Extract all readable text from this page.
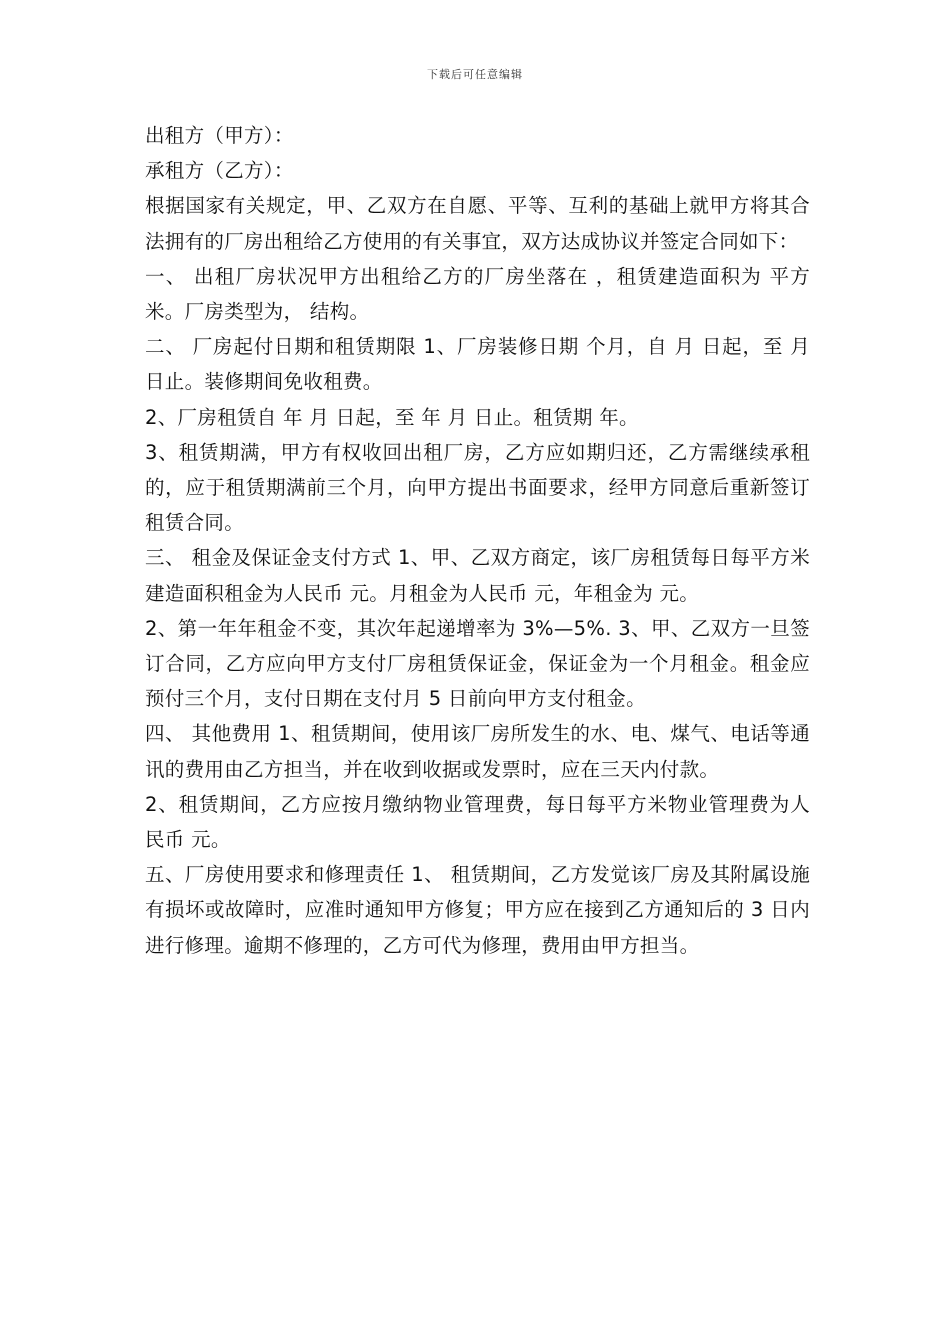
下载后可任意编辑

出租方（甲方）：

承租方（乙方）：

根据国家有关规定，甲、乙双方在自愿、平等、互利的基础上就甲方将其合法拥有的厂房出租给乙方使用的有关事宜，双方达成协议并签定合同如下：

一、 出租厂房状况甲方出租给乙方的厂房坐落在 ，租赁建造面积为 平方米。厂房类型为， 结构。

二、 厂房起付日期和租赁期限 1、厂房装修日期 个月，自 月 日起，至 月 日止。装修期间免收租费。

2、厂房租赁自 年 月 日起，至 年 月 日止。租赁期 年。

3、租赁期满，甲方有权收回出租厂房，乙方应如期归还，乙方需继续承租的，应于租赁期满前三个月，向甲方提出书面要求，经甲方同意后重新签订租赁合同。

三、 租金及保证金支付方式 1、甲、乙双方商定，该厂房租赁每日每平方米建造面积租金为人民币 元。月租金为人民币 元，年租金为 元。

2、第一年年租金不变，其次年起递增率为 3%—5%. 3、甲、乙双方一旦签订合同，乙方应向甲方支付厂房租赁保证金，保证金为一个月租金。租金应预付三个月，支付日期在支付月 5 日前向甲方支付租金。

四、 其他费用 1、租赁期间，使用该厂房所发生的水、电、煤气、电话等通讯的费用由乙方担当，并在收到收据或发票时，应在三天内付款。

2、租赁期间，乙方应按月缴纳物业管理费，每日每平方米物业管理费为人民币 元。

五、厂房使用要求和修理责任 1、 租赁期间，乙方发觉该厂房及其附属设施有损坏或故障时，应准时通知甲方修复；甲方应在接到乙方通知后的 3 日内进行修理。逾期不修理的，乙方可代为修理，费用由甲方担当。
